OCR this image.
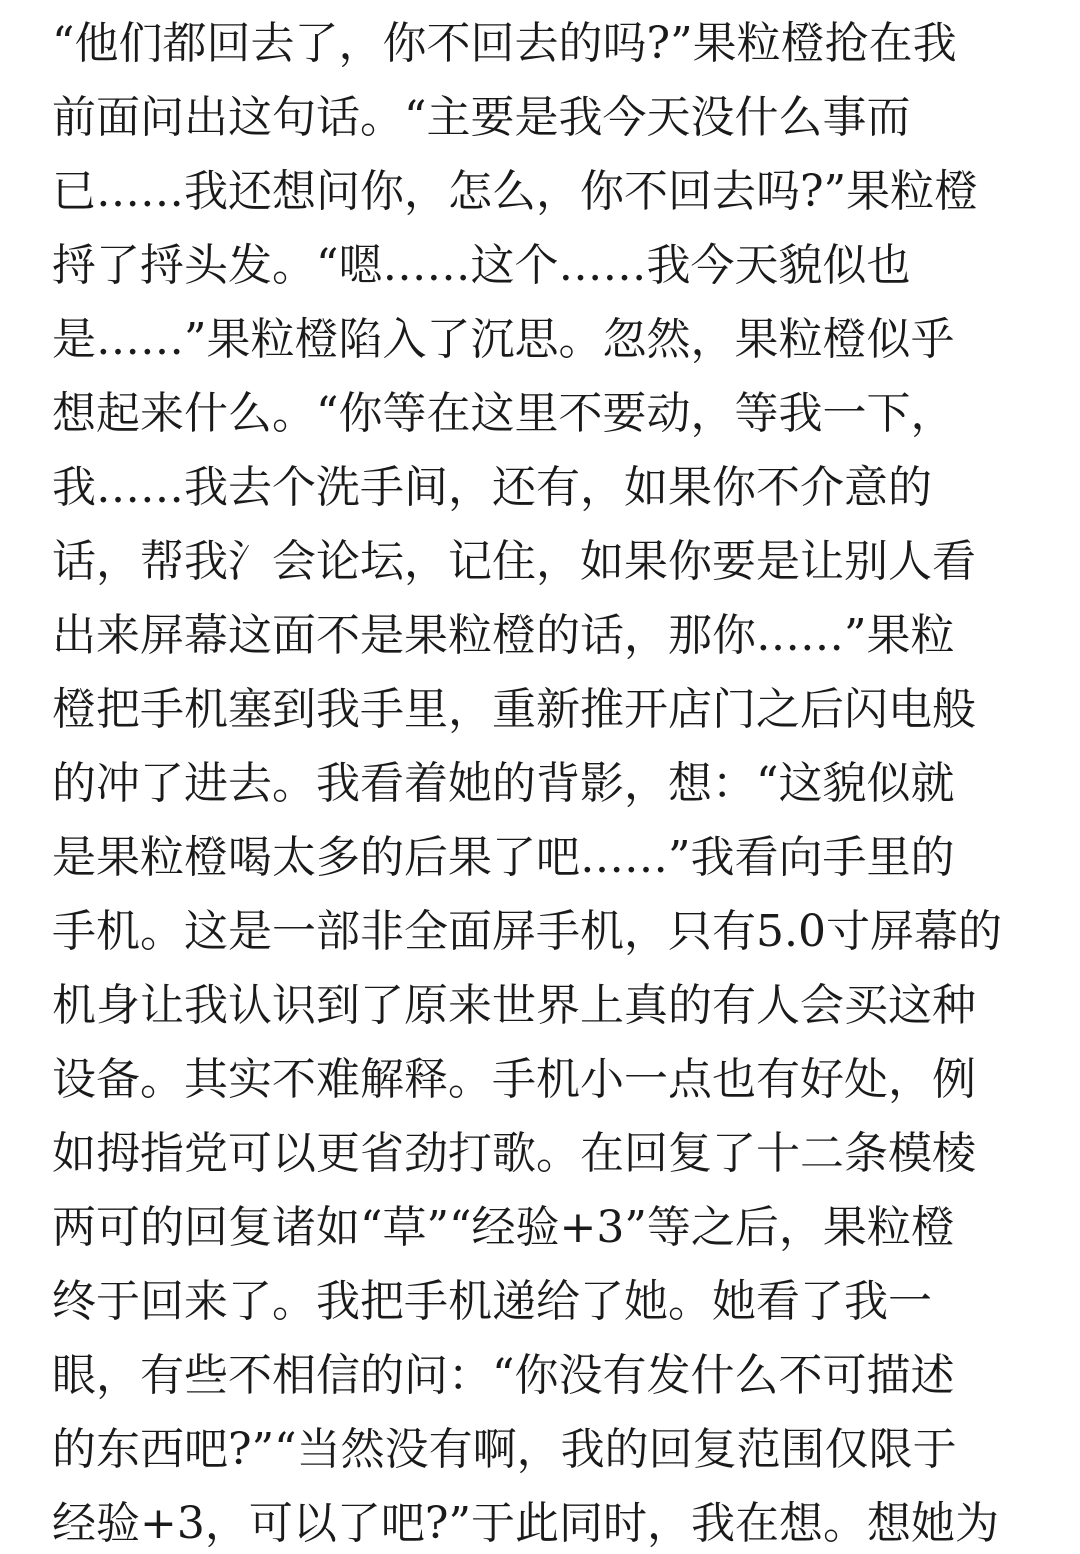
“他们都回去了，你不回去的吗?”果粒橙抢在我
前面问出这句话。“主要是我今天没什么事而
已……我还想问你，怎么，你不回去吗?”果粒橙
捋了捋头发。“嗯……这个……我今天貌似也
是……”果粒橙陷入了沉思。忽然，果粒橙似乎
想起来什么。“你等在这里不要动，等我一下，
我……我去个洗手间，还有，如果你不介意的
话，帮我氵会论坛，记住，如果你要是让别人看
出来屏幕这面不是果粒橙的话，那你……”果粒
橙把手机塞到我手里，重新推开店门之后闪电般
的冲了进去。我看着她的背影，想：“这貌似就
是果粒橙喝太多的后果了吧……”我看向手里的
手机。这是一部非全面屏手机，只有5.0寸屏幕的
机身让我认识到了原来世界上真的有人会买这种
设备。其实不难解释。手机小一点也有好处，例
如拇指党可以更省劲打歌。在回复了十二条模棱
两可的回复诸如“草”“经验+3”等之后，果粒橙
终于回来了。我把手机递给了她。她看了我一
眼，有些不相信的问：“你没有发什么不可描述
的东西吧?”“当然没有啊，我的回复范围仅限于
经验+3，可以了吧?”于此同时，我在想。想她为
